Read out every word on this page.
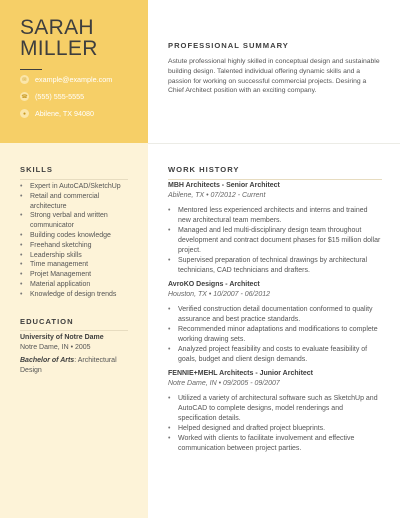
SARAH
MILLER
✉	example@example.com
☎ (555) 555-5555
●	Abilene, TX 94080
SKILLS
• Expert in AutoCAD/SketchUp
• Retail and commercial architecture
• Strong verbal and written communicator
• Building codes knowledge
• Freehand sketching
• Leadership skills
• Time management
• Projet Management
• Material application
• Knowledge of design trends
EDUCATION
University of Notre Dame
Notre Dame, IN • 2005
Bachelor of Arts: Architectural Design
PROFESSIONAL SUMMARY
Astute professional highly skilled in conceptual design and sustainable building design. Talented individual offering dynamic skills and a passion for working on successful commercial projects. Desiring a Chief Architect position with an exciting company.
WORK HISTORY
MBH Architects - Senior Architect
Abilene, TX • 07/2012 - Current
• Mentored less experienced architects and interns and trained new architectural team members.
• Managed and led multi-disciplinary design team throughout development and contract document phases for $15 million dollar project.
• Supervised preparation of technical drawings by architectural technicians, CAD technicians and drafters.
AvroKO Designs - Architect
Houston, TX • 10/2007 - 06/2012
• Verified construction detail documentation conformed to quality assurance and best practice standards.
• Recommended minor adaptations and modifications to complete working drawing sets.
• Analyzed project feasibility and costs to evaluate feasibility of goals, budget and client design demands.
FENNIE+MEHL Architects - Junior Architect
Notre Dame, IN • 09/2005 - 09/2007
• Utilized a variety of architectural software such as SketchUp and AutoCAD to complete designs, model renderings and specification details.
• Helped designed and drafted project blueprints.
• Worked with clients to facilitate involvement and effective communication between project parties.
